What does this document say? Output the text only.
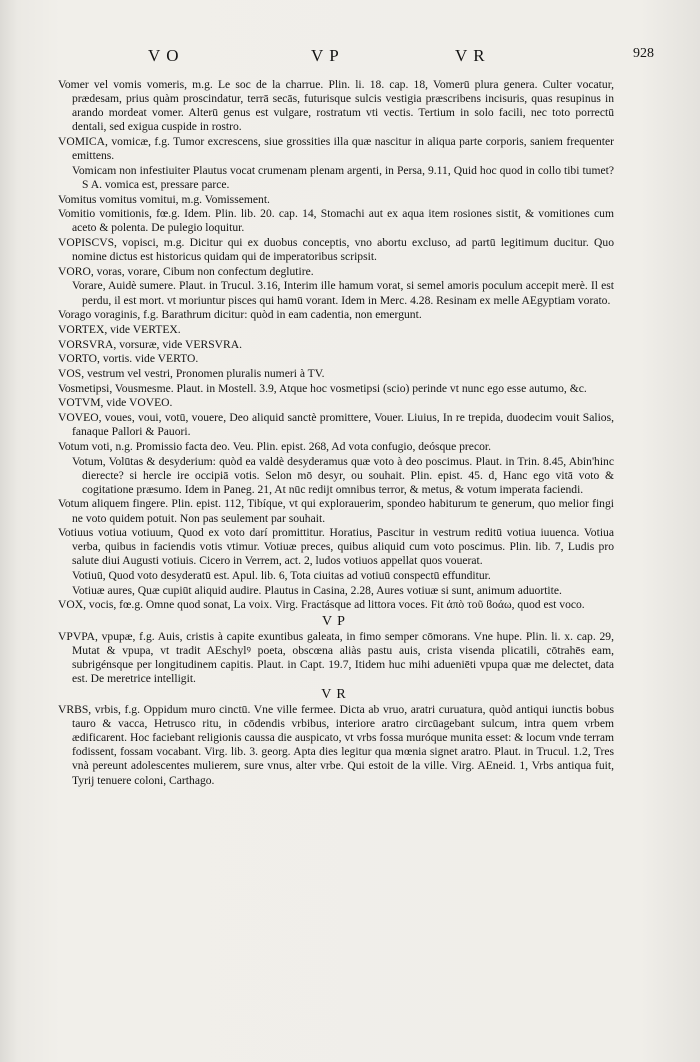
VO	VP	VR	928
Vomer vel vomis vomeris, m.g. Le soc de la charrue. Plin. li. 18. cap. 18, Vomerū plura genera. Culter vocatur, prædesam, prius quàm proscindatur, terrā secās, futurisque sulcis vestigia præscribens incisuris, quas resupinus in arando mordeat vomer. Alterū genus est vulgare, rostratum vti vectis. Tertium in solo facili, nec toto porrectū dentali, sed exigua cuspide in rostro.
VOMICA, vomicæ, f.g. Tumor excrescens, siue grossities illa quæ nascitur in aliqua parte corporis, saniem frequenter emittens.
Vomicam non infestiuiter Plautus vocat crumenam plenam argenti, in Persa, 9.11, Quid hoc quod in collo tibi tumet? S A. vomica est, pressare parce.
Vomitus vomitus vomitui, m.g. Vomissement.
Vomitio vomitionis, fœ.g. Idem. Plin. lib. 20. cap. 14, Stomachi aut ex aqua item rosiones sistit, & vomitiones cum aceto & polenta. De pulegio loquitur.
VOPISCVS, vopisci, m.g. Dicitur qui ex duobus conceptis, vno abortu excluso, ad partū legitimum ducitur. Quo nomine dictus est historicus quidam qui de imperatoribus scripsit.
VORO, voras, vorare, Cibum non confectum deglutire.
Vorare, Auidè sumere. Plaut. in Trucul. 3.16, Interim ille hamum vorat, si semel amoris poculum accepit merè. Il est perdu, il est mort. vt moriuntur pisces qui hamū vorant. Idem in Merc. 4.28. Resinam ex melle AEgyptiam vorato.
Vorago voraginis, f.g. Barathrum dicitur: quòd in eam cadentia, non emergunt.
VORTEX, vide VERTEX.
VORSVRA, vorsuræ, vide VERSVRA.
VORTO, vortis. vide VERTO.
VOS, vestrum vel vestri, Pronomen pluralis numeri à TV.
Vosmetipsi, Vousmesme. Plaut. in Mostell. 3.9, Atque hoc vosmetipsi (scio) perinde vt nunc ego esse autumo, &c.
VOTVM, vide VOVEO.
VOVEO, voues, voui, votū, vouere, Deo aliquid sanctè promittere, Vouer. Liuius, In re trepida, duodecim vouit Salios, fanaque Pallori & Pauori.
Votum voti, n.g. Promissio facta deo. Veu. Plin. epist. 268, Ad vota confugio, deósque precor.
Votum, Volūtas & desyderium: quòd ea valdè desyderamus quæ voto à deo poscimus. Plaut. in Trin. 8.45, Abin'hinc dierecte? si hercle ire occipiā votis. Selon mō desyr, ou souhait. Plin. epist. 45. d, Hanc ego vitā voto & cogitatione præsumo. Idem in Paneg. 21, At nūc redijt omnibus terror, & metus, & votum imperata faciendi.
Votum aliquem fingere. Plin. epist. 112, Tibíque, vt qui explorauerim, spondeo habiturum te generum, quo melior fingi ne voto quidem potuit. Non pas seulement par souhait.
Votiuus votiua votiuum, Quod ex voto darí promittitur. Horatius, Pascitur in vestrum reditū votiua iuuenca. Votiua verba, quibus in faciendis votis vtimur. Votiuæ preces, quibus aliquid cum voto poscimus. Plin. lib. 7, Ludis pro salute diui Augusti votiuis. Cicero in Verrem, act. 2, ludos votiuos appellat quos vouerat.
Votiuū, Quod voto desyderatū est. Apul. lib. 6, Tota ciuitas ad votiuū conspectū effunditur.
Votiuæ aures, Quæ cupiūt aliquid audire. Plautus in Casina, 2.28, Aures votiuæ si sunt, animum aduortite.
VOX, vocis, fœ.g. Omne quod sonat, La voix. Virg. Fractásque ad littora voces. Fit ἀπὸ τοῦ ϐοάω, quod est voco.
VP
VPVPA, vpupæ, f.g. Auis, cristis à capite exuntibus galeata, in fimo semper cōmorans. Vne hupe. Plin. li. x. cap. 29, Mutat & vpupa, vt tradit AEschylꝰ poeta, obscœna aliàs pastu auis, crista visenda plicatili, cōtrahēs eam, subrigénsque per longitudinem capitis. Plaut. in Capt. 19.7, Itidem huc mihi adueniēti vpupa quæ me delectet, data est. De meretrice intelligit.
VR
VRBS, vrbis, f.g. Oppidum muro cinctū. Vne ville fermee. Dicta ab vruo, aratri curuatura, quòd antiqui iunctis bobus tauro & vacca, Hetrusco ritu, in cōdendis vrbibus, interiore aratro circūagebant sulcum, intra quem vrbem ædificarent. Hoc faciebant religionis caussa die auspicato, vt vrbs fossa muróque munita esset: & locum vnde terram fodissent, fossam vocabant. Virg. lib. 3. georg. Apta dies legitur qua mœnia signet aratro. Plaut. in Trucul. 1.2, Tres vnà pereunt adolescentes mulierem, sure vnus, alter vrbe. Qui estoit de la ville. Virg. AEneid. 1, Vrbs antiqua fuit, Tyrij tenuere coloni, Carthago.
